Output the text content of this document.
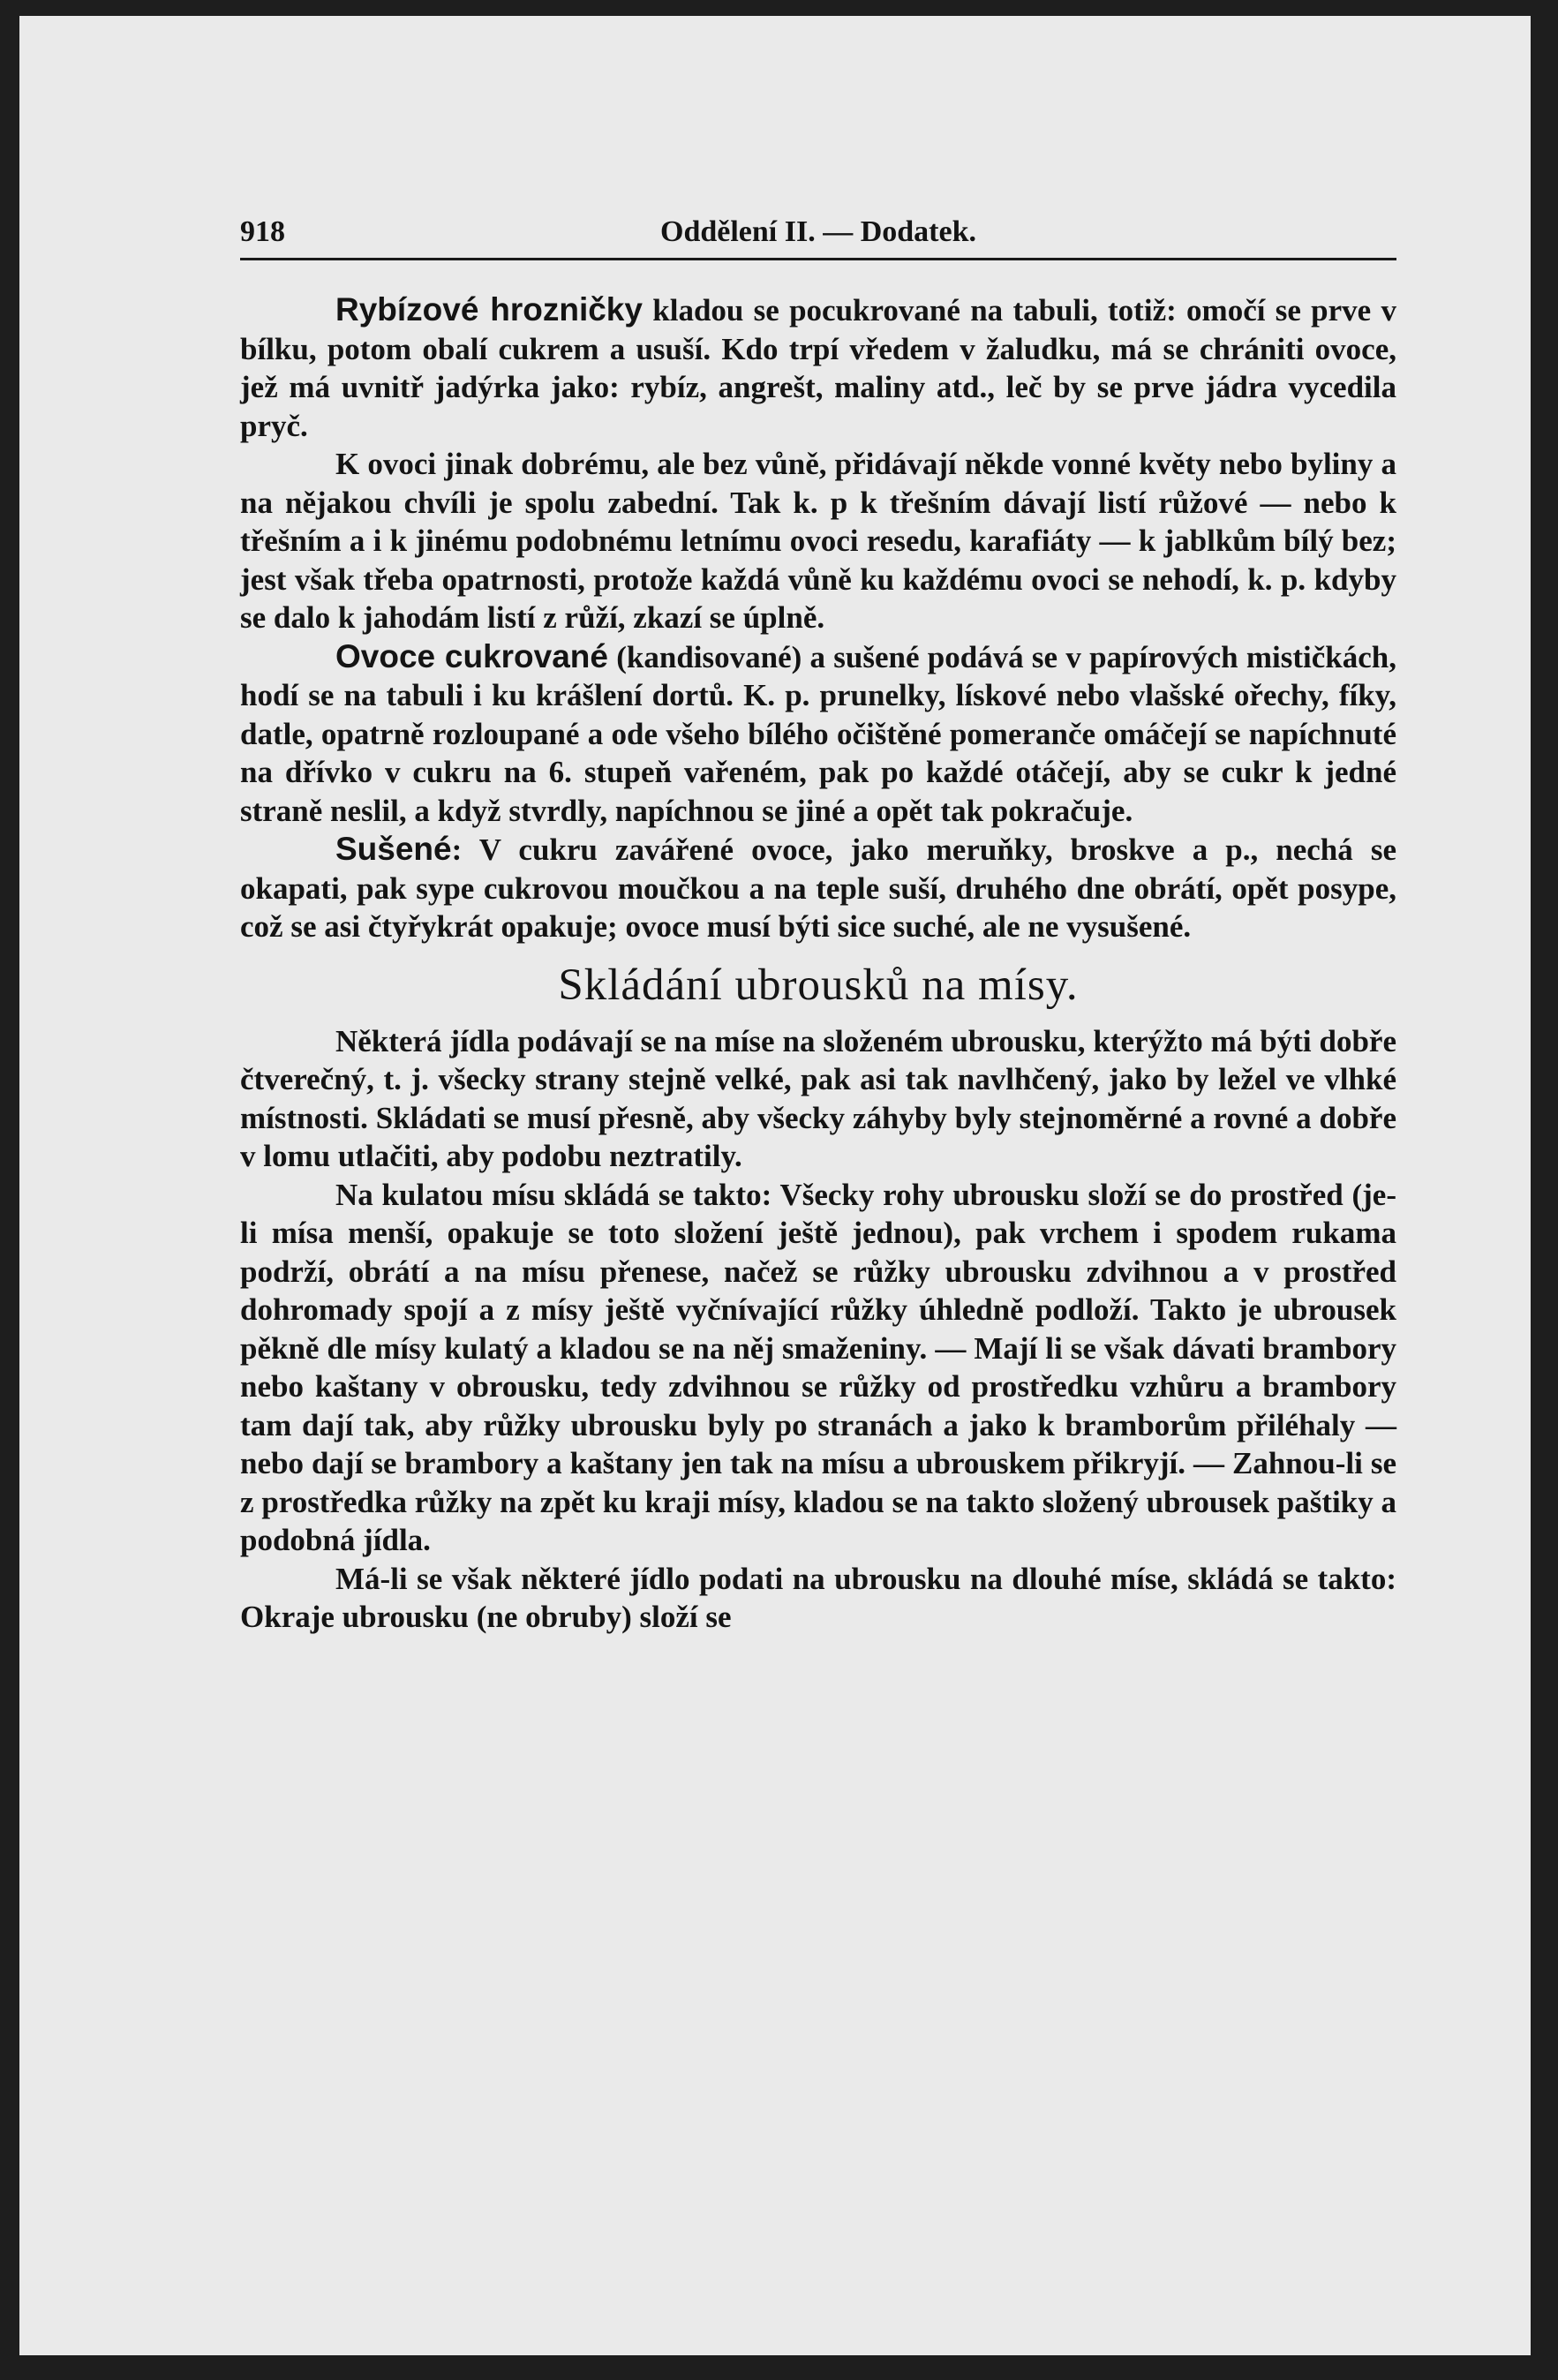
918	Oddělení II. — Dodatek.

Rybízové hrozničky kladou se pocukrované na tabuli, totiž: omočí se prve v bílku, potom obalí cukrem a usuší. Kdo trpí vředem v žaludku, má se chrániti ovoce, jež má uvnitř jadýrka jako: rybíz, angrešt, maliny atd., leč by se prve jádra vycedila pryč.

K ovoci jinak dobrému, ale bez vůně, přidávají někde vonné květy nebo byliny a na nějakou chvíli je spolu zabední. Tak k. p k třešním dávají listí růžové — nebo k třešním a i k jinému podobnému letnímu ovoci resedu, karafiáty — k jablkům bílý bez; jest však třeba opatrnosti, protože každá vůně ku každému ovoci se nehodí, k. p. kdyby se dalo k jahodám listí z růží, zkazí se úplně.

Ovoce cukrované (kandisované) a sušené podává se v papírových mističkách, hodí se na tabuli i ku krášlení dortů. K. p. prunelky, lískové nebo vlašské ořechy, fíky, datle, opatrně rozloupané a ode všeho bílého očištěné pomeranče omáčejí se napíchnuté na dřívko v cukru na 6. stupeň vařeném, pak po každé otáčejí, aby se cukr k jedné straně neslil, a když stvrdly, napíchnou se jiné a opět tak pokračuje.

Sušené: V cukru zavářené ovoce, jako meruňky, broskve a p., nechá se okapati, pak sype cukrovou moučkou a na teple suší, druhého dne obrátí, opět posype, což se asi čtyřykrát opakuje; ovoce musí býti sice suché, ale ne vysušené.

Skládání ubrousků na mísy.

Některá jídla podávají se na míse na složeném ubrousku, kterýžto má býti dobře čtverečný, t. j. všecky strany stejně velké, pak asi tak navlhčený, jako by ležel ve vlhké místnosti. Skládati se musí přesně, aby všecky záhyby byly stejnoměrné a rovné a dobře v lomu utlačiti, aby podobu neztratily.

Na kulatou mísu skládá se takto: Všecky rohy ubrousku složí se do prostřed (je-li mísa menší, opakuje se toto složení ještě jednou), pak vrchem i spodem rukama podrží, obrátí a na mísu přenese, načež se růžky ubrousku zdvihnou a v prostřed dohromady spojí a z mísy ještě vyčnívající růžky úhledně podloží. Takto je ubrousek pěkně dle mísy kulatý a kladou se na něj smaženiny. — Mají li se však dávati brambory nebo kaštany v obrousku, tedy zdvihnou se růžky od prostředku vzhůru a brambory tam dají tak, aby růžky ubrousku byly po stranách a jako k bramborům přiléhaly — nebo dají se brambory a kaštany jen tak na mísu a ubrouskem přikryjí. — Zahnou-li se z prostředka růžky na zpět ku kraji mísy, kladou se na takto složený ubrousek paštiky a podobná jídla.

Má-li se však některé jídlo podati na ubrousku na dlouhé míse, skládá se takto: Okraje ubrousku (ne obruby) složí se
